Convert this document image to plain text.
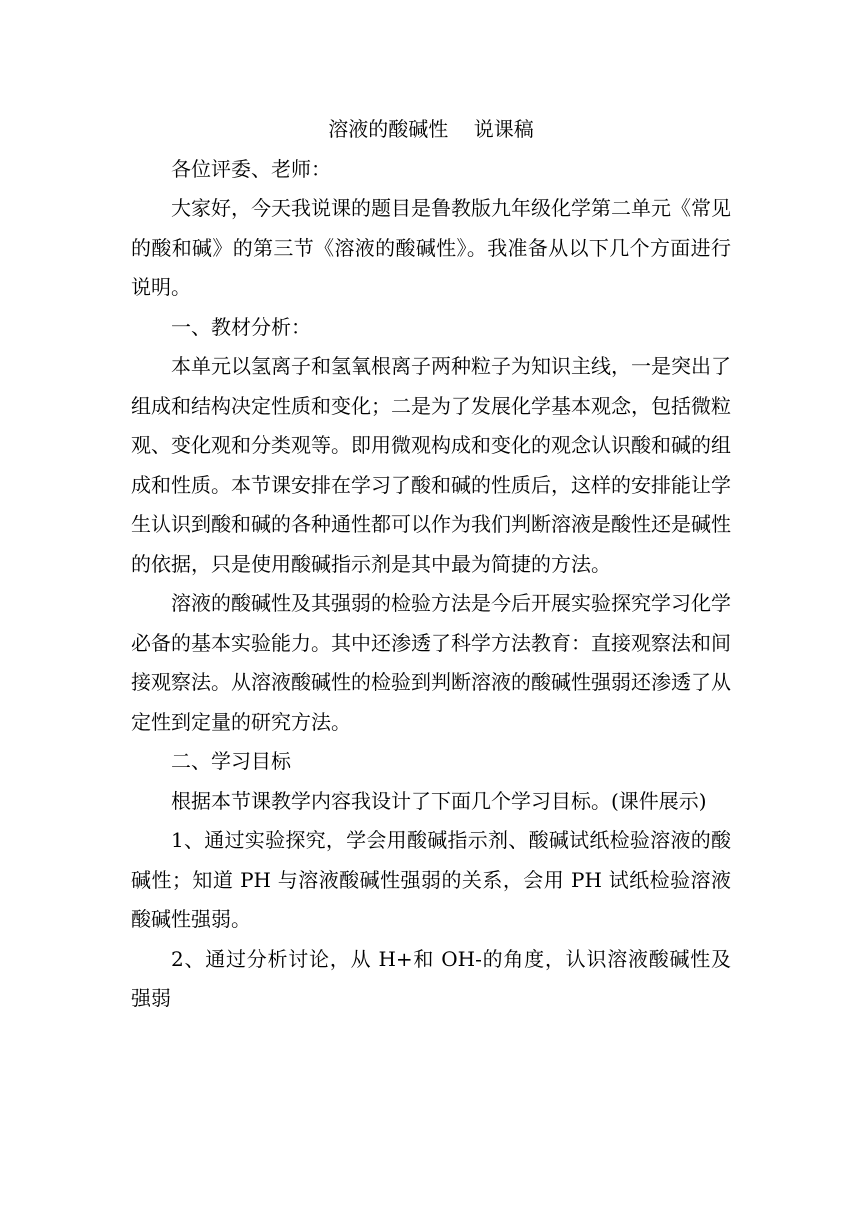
溶液的酸碱性    说课稿

各位评委、老师：

大家好，今天我说课的题目是鲁教版九年级化学第二单元《常见的酸和碱》的第三节《溶液的酸碱性》。我准备从以下几个方面进行说明。

一、教材分析：

本单元以氢离子和氢氧根离子两种粒子为知识主线，一是突出了组成和结构决定性质和变化；二是为了发展化学基本观念，包括微粒观、变化观和分类观等。即用微观构成和变化的观念认识酸和碱的组成和性质。本节课安排在学习了酸和碱的性质后，这样的安排能让学生认识到酸和碱的各种通性都可以作为我们判断溶液是酸性还是碱性的依据，只是使用酸碱指示剂是其中最为简捷的方法。

溶液的酸碱性及其强弱的检验方法是今后开展实验探究学习化学必备的基本实验能力。其中还渗透了科学方法教育：直接观察法和间接观察法。从溶液酸碱性的检验到判断溶液的酸碱性强弱还渗透了从定性到定量的研究方法。

二、学习目标

根据本节课教学内容我设计了下面几个学习目标。(课件展示)

1、通过实验探究，学会用酸碱指示剂、酸碱试纸检验溶液的酸碱性；知道 PH 与溶液酸碱性强弱的关系，会用 PH 试纸检验溶液酸碱性强弱。

2、通过分析讨论，从 H+和 OH-的角度，认识溶液酸碱性及强弱
